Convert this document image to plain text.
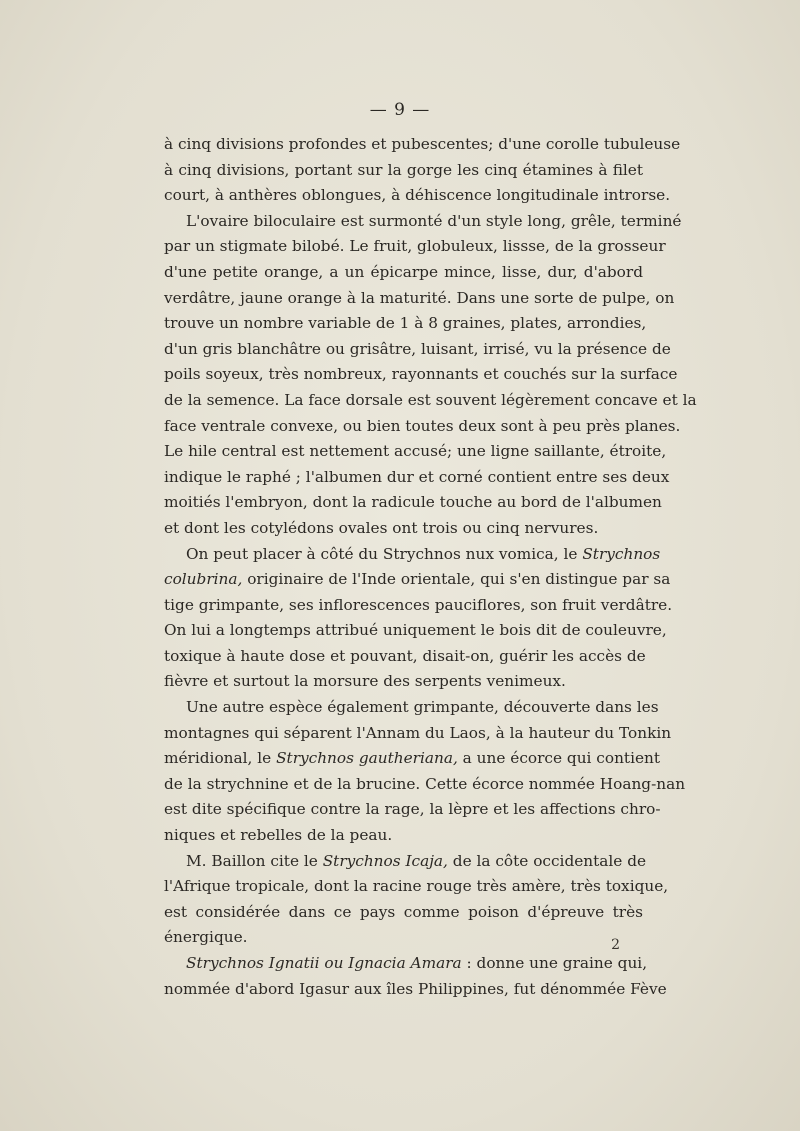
— 9 —
à cinq divisions profondes et pubescentes; d'une corolle tubuleuse
à cinq divisions, portant sur la gorge les cinq étamines à filet
court, à anthères oblongues, à déhiscence longitudinale introrse.
L'ovaire biloculaire est surmonté d'un style long, grêle, terminé
par un stigmate bilobé. Le fruit, globuleux, lissse, de la grosseur
d'une petite orange, a un épicarpe mince, lisse, dur, d'abord
verdâtre, jaune orange à la maturité. Dans une sorte de pulpe, on
trouve un nombre variable de 1 à 8 graines, plates, arrondies,
d'un gris blanchâtre ou grisâtre, luisant, irrisé, vu la présence de
poils soyeux, très nombreux, rayonnants et couchés sur la surface
de la semence. La face dorsale est souvent légèrement concave et la
face ventrale convexe, ou bien toutes deux sont à peu près planes.
Le hile central est nettement accusé; une ligne saillante, étroite,
indique le raphé ; l'albumen dur et corné contient entre ses deux
moitiés l'embryon, dont la radicule touche au bord de l'albumen
et dont les cotylédons ovales ont trois ou cinq nervures.
On peut placer à côté du Strychnos nux vomica, le Strychnos
colubrina, originaire de l'Inde orientale, qui s'en distingue par sa
tige grimpante, ses inflorescences pauciflores, son fruit verdâtre.
On lui a longtemps attribué uniquement le bois dit de couleuvre,
toxique à haute dose et pouvant, disait-on, guérir les accès de
fièvre et surtout la morsure des serpents venimeux.
Une autre espèce également grimpante, découverte dans les
montagnes qui séparent l'Annam du Laos, à la hauteur du Tonkin
méridional, le Strychnos gautheriana, a une écorce qui contient
de la strychnine et de la brucine. Cette écorce nommée Hoang-nan
est dite spécifique contre la rage, la lèpre et les affections chro-
niques et rebelles de la peau.
M. Baillon cite le Strychnos Icaja, de la côte occidentale de
l'Afrique tropicale, dont la racine rouge très amère, très toxique,
est considérée dans ce pays comme poison d'épreuve très
énergique.
Strychnos Ignatii ou Ignacia Amara : donne une graine qui,
nommée d'abord Igasur aux îles Philippines, fut dénommée Fève
2
